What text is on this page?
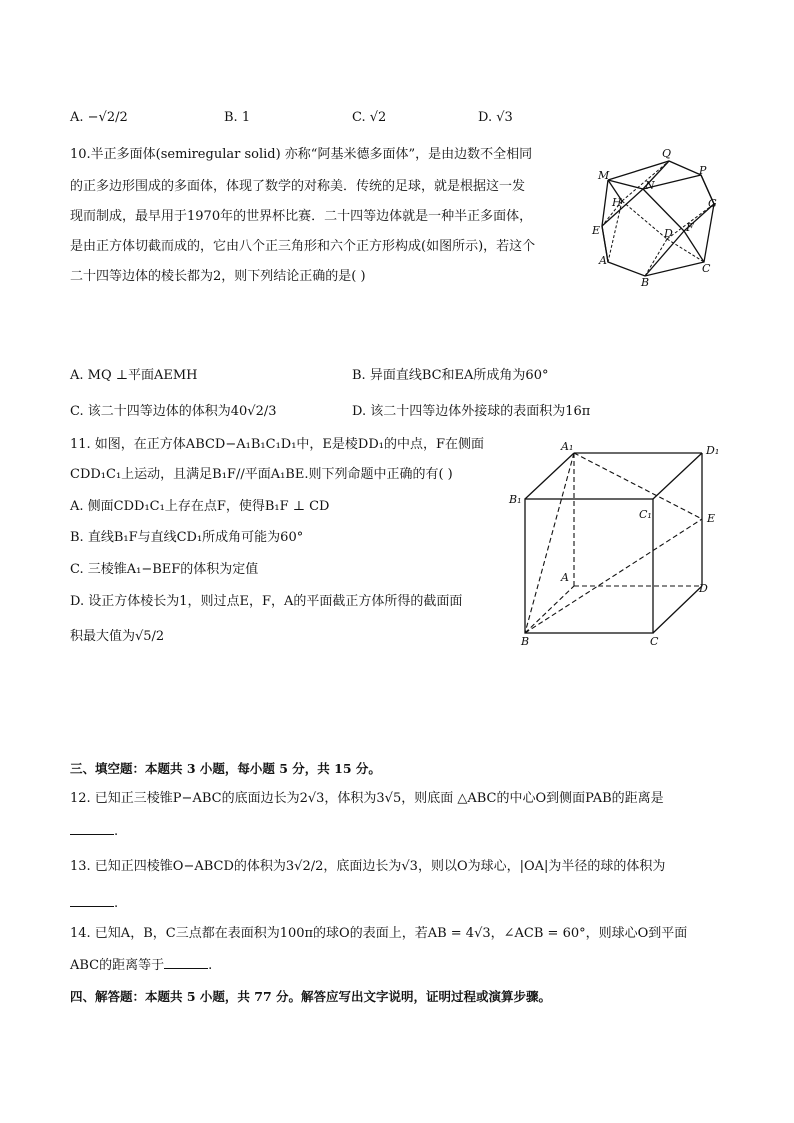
A. −√2/2	B. 1	C. √2	D. √3
10.半正多面体(semiregular solid) 亦称“阿基米德多面体”，是由边数不全相同
的正多边形围成的多面体，体现了数学的对称美．传统的足球，就是根据这一发
现而制成，最早用于1970年的世界杯比赛．二十四等边体就是一种半正多面体，
是由正方体切截而成的，它由八个正三角形和六个正方形构成(如图所示)，若这个
二十四等边体的棱长都为2，则下列结论正确的是( )
M
Q
N
P
H	G
E	D F
A
B
C
A. MQ ⊥平面AEMH	B. 异面直线BC和EA所成角为60°
C. 该二十四等边体的体积为40√2/3	D. 该二十四等边体外接球的表面积为16π
11. 如图，在正方体ABCD−A₁B₁C₁D₁中，E是棱DD₁的中点，F在侧面
CDD₁C₁上运动，且满足B₁F//平面A₁BE.则下列命题中正确的有( )
A. 侧面CDD₁C₁上存在点F，使得B₁F ⊥ CD
B. 直线B₁F与直线CD₁所成角可能为60°
C. 三棱锥A₁−BEF的体积为定值
D. 设正方体棱长为1，则过点E，F，A的平面截正方体所得的截面面
积最大值为√5/2
A₁	D₁
B₁
C₁	E
A
D
B	C
三、填空题：本题共 3 小题，每小题 5 分，共 15 分。
12. 已知正三棱锥P−ABC的底面边长为2√3，体积为3√5，则底面 △ABC的中心O到侧面PAB的距离是
.
13. 已知正四棱锥O−ABCD的体积为3√2/2，底面边长为√3，则以O为球心，|OA|为半径的球的体积为
.
14. 已知A，B，C三点都在表面积为100π的球O的表面上，若AB = 4√3，∠ACB = 60°，则球心O到平面
ABC的距离等于	.
四、解答题：本题共 5 小题，共 77 分。解答应写出文字说明，证明过程或演算步骤。
